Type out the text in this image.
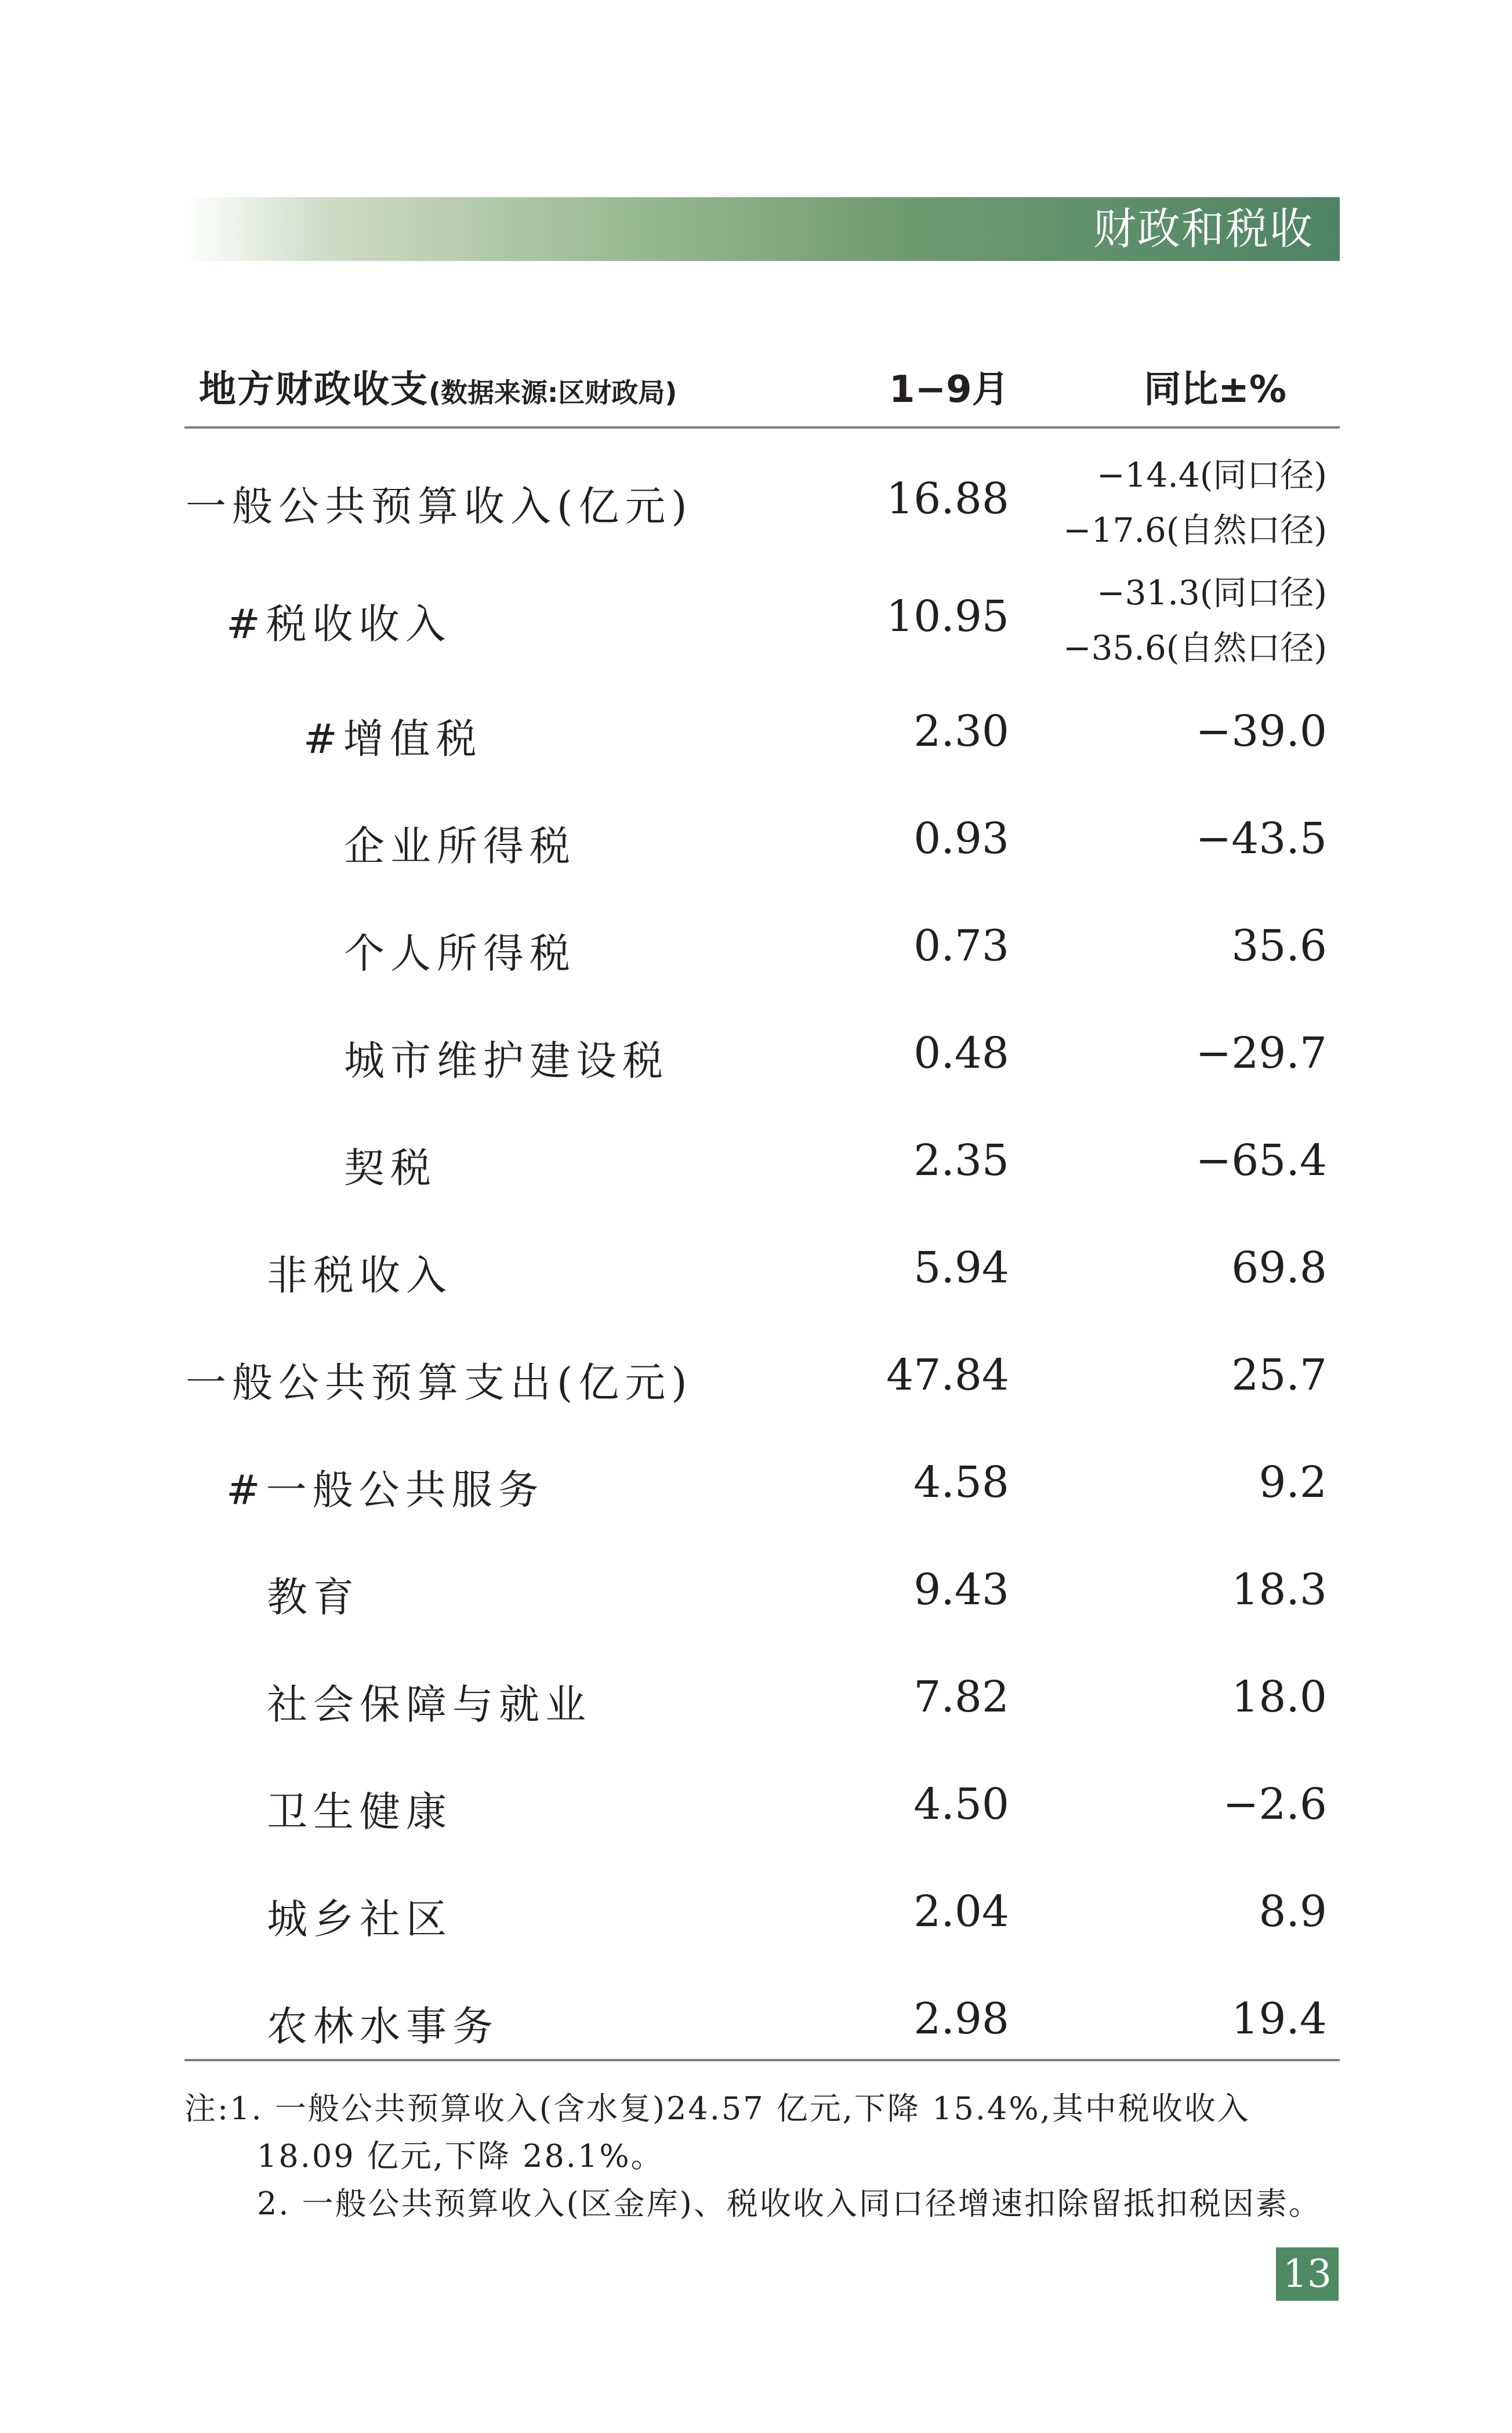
财政和税收
地方财政收支(数据来源:区财政局)	1−9月	同比±%
一般公共预算收入(亿元)	16.88	−14.4(同口径)
−17.6(自然口径)
#税收收入	10.95	−31.3(同口径)
−35.6(自然口径)
#增值税	2.30	−39.0
企业所得税	0.93	−43.5
个人所得税	0.73	35.6
城市维护建设税	0.48	−29.7
契税	2.35	−65.4
非税收入	5.94	69.8
一般公共预算支出(亿元)	47.84	25.7
#一般公共服务	4.58	9.2
教育	9.43	18.3
社会保障与就业	7.82	18.0
卫生健康	4.50	−2.6
城乡社区	2.04	8.9
农林水事务	2.98	19.4

注:1. 一般公共预算收入(含水复)24.57 亿元,下降 15.4%,其中税收收入 18.09 亿元,下降 28.1%。

2. 一般公共预算收入(区金库)、税收收入同口径增速扣除留抵扣税因素。

13
